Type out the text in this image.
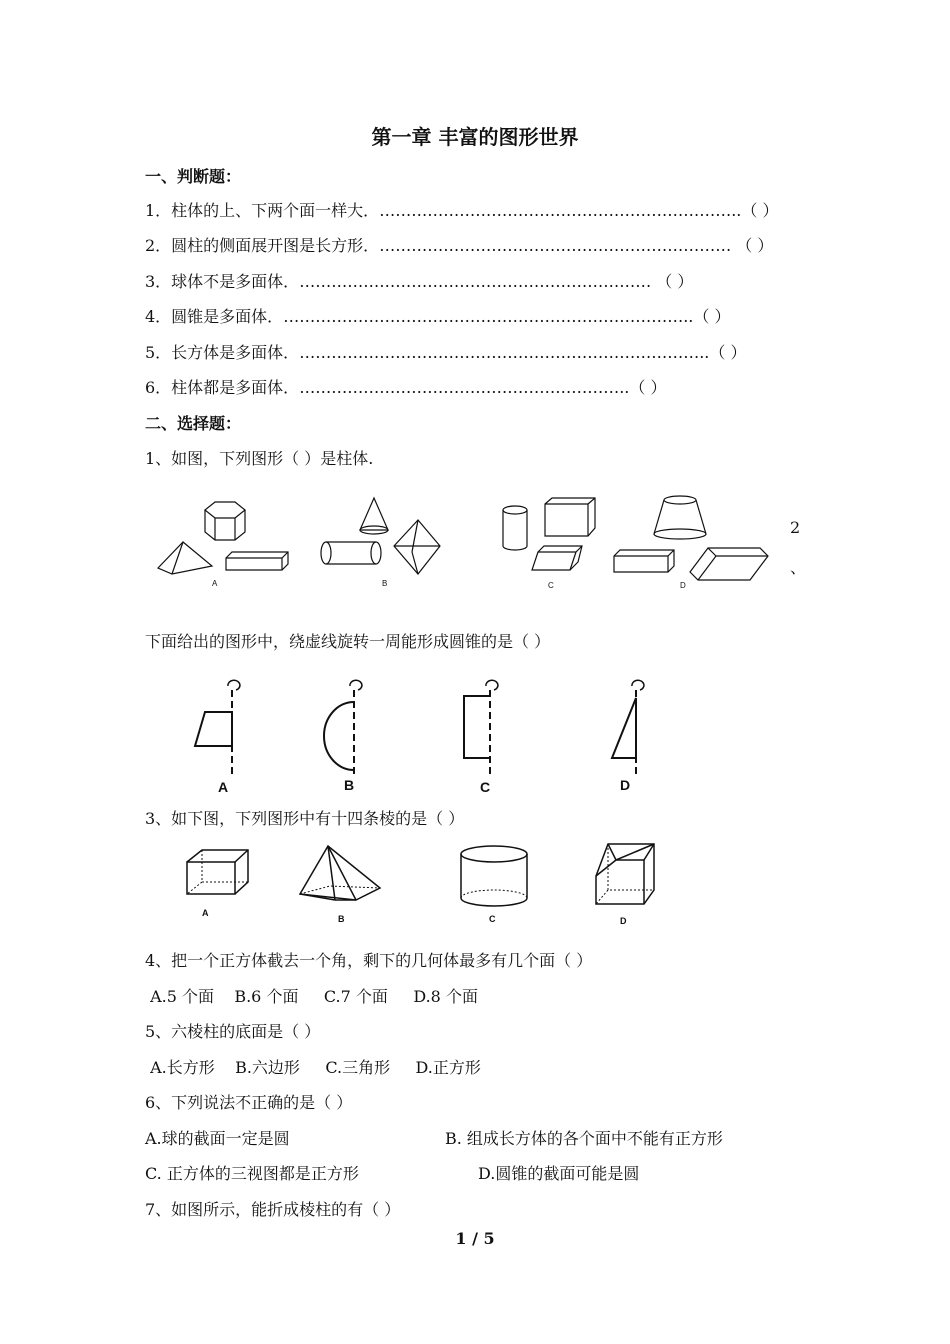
第一章 丰富的图形世界
一、判断题：
1．柱体的上、下两个面一样大．…………………………………………………………..（ ）
2．圆柱的侧面展开图是长方形．………………………………………………………… （ ）
3．球体不是多面体．………………………………………………………… （ ）
4．圆锥是多面体．…………………………………………………………………..（ ）
5．长方体是多面体．…………………………………………………………………..（ ）
6．柱体都是多面体．……………………………………………………..（ ）
二、选择题：
1、如图，下列图形（ ）是柱体.
A	B	C	D
2
、
下面给出的图形中，绕虚线旋转一周能形成圆锥的是（ ）
A	B	C	D
3、如下图，下列图形中有十四条棱的是（ ）
A
B	C	D
4、把一个正方体截去一个角，剩下的几何体最多有几个面（ ）
A.5 个面    B.6 个面     C.7 个面     D.8 个面
5、六棱柱的底面是（ ）
A.长方形    B.六边形     C.三角形     D.正方形
6、下列说法不正确的是（ ）
A.球的截面一定是圆	B. 组成长方体的各个面中不能有正方形
C. 正方体的三视图都是正方形	D.圆锥的截面可能是圆
7、如图所示，能折成棱柱的有（ ）
1 / 5
